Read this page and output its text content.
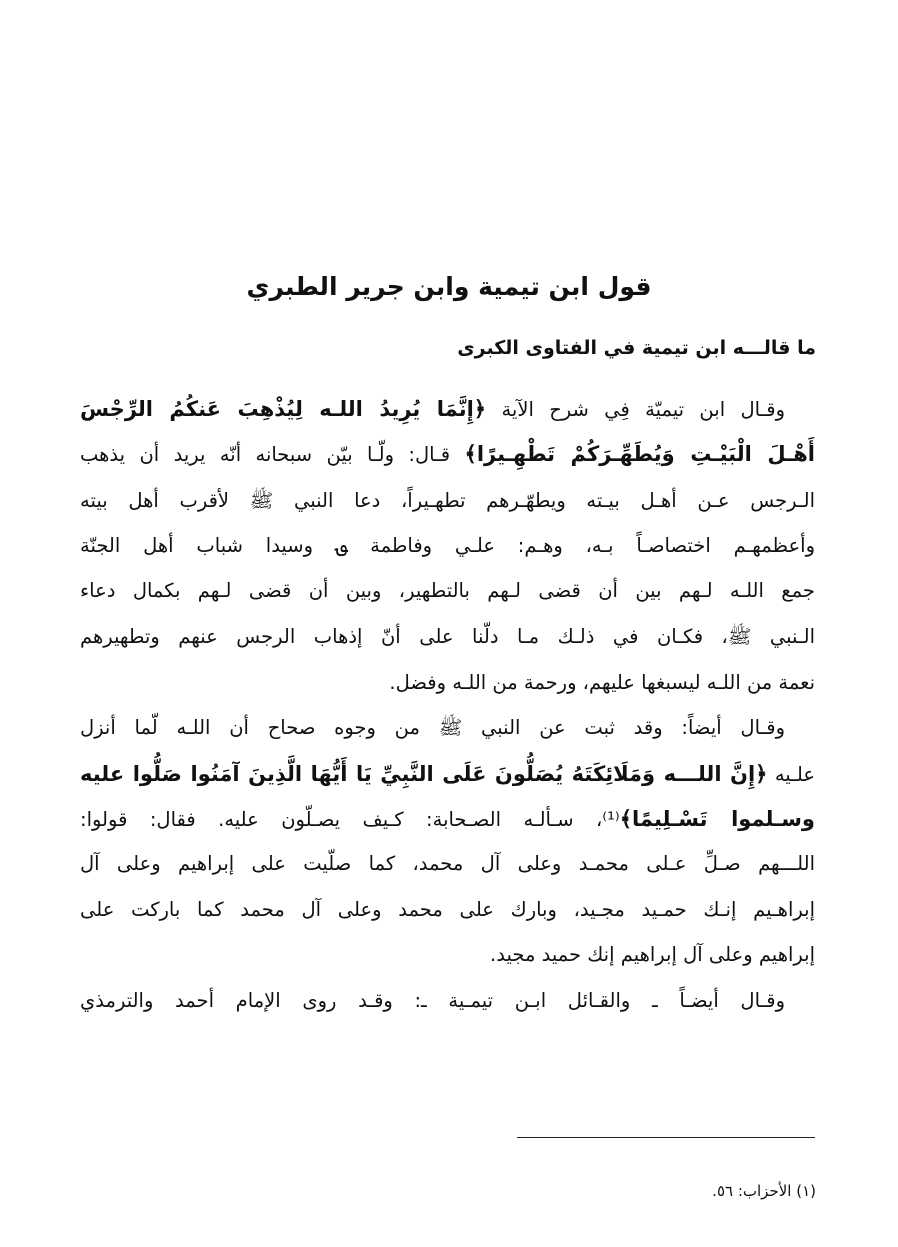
قول ابن تيمية وابن جرير الطبري
ما قالـــه ابن تيمية في الفتاوى الكبرى
وقـال ابن تيميّة فِي شرح الآية ﴿إِنَّمَا يُرِيدُ اللـه لِيُذْهِبَ عَنكُمُ الرِّجْسَ
أَهْـلَ الْبَيْـتِ وَيُطَهِّـرَكُمْ تَطْهِـيرًا﴾ قـال: ولّـا بيّن سبحانه أنّه يريد أن يذهب
الـرجس عـن أهـل بيـته ويطهّـرهم تطهـيراً، دعا النبي ﷺ لأقرب أهل بيته
وأعظمهـم اختصاصـاً بـه، وهـم: علـي وفاطمة ؈ وسيدا شباب أهل الجنّة
جمع اللـه لـهم بين أن قضى لـهم بالتطهير، وبين أن قضى لـهم بكمال دعاء
الـنبي ﷺ، فكـان في ذلـك مـا دلّنا على أنّ إذهاب الرجس عنهم وتطهيرهم
نعمة من اللـه ليسبغها عليهم، ورحمة من اللـه وفضل.
وقـال أيضاً: وقد ثبت عن النبي ﷺ من وجوه صحاح أن اللـه لّما أنزل
علـيه ﴿إِنَّ اللـــه وَمَلَائِكَتَهُ يُصَلُّونَ عَلَى النَّبِيِّ يَا أَيُّهَا الَّذِينَ آمَنُوا صَلُّوا عليه
وسـلموا تَسْـلِيمًا﴾⁽¹⁾، سـألـه الصـحابة: كـيف يصـلّون عليه. فقال: قولوا:
اللـــهم صـلِّ عـلى محمـد وعلى آل محمد، كما صلّيت على إبراهيم وعلى آل
إبراهـيم إنـك حمـيد مجـيد، وبارك على محمد وعلى آل محمد كما باركت على
إبراهيم وعلى آل إبراهيم إنك حميد مجيد.
وقـال أيضـاً ـ والقـائل ابـن تيمـية ـ: وقـد روى الإمام أحمد والترمذي
(١) الأحزاب: ٥٦.
